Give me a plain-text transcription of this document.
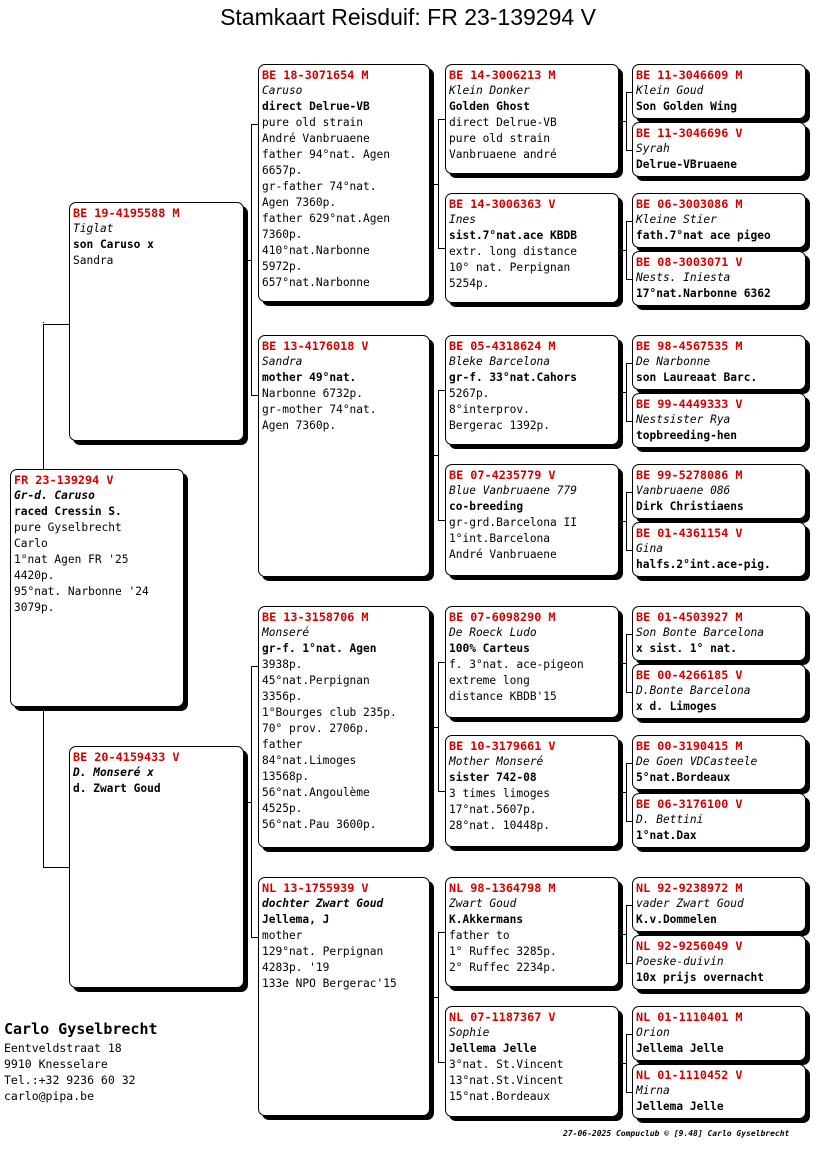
Stamkaart Reisduif: FR 23-139294 V
FR 23-139294 V
Gr-d. Caruso
raced Cressin S.
pure Gyselbrecht
Carlo
1°nat Agen FR '25
4420p.
95°nat. Narbonne '24
3079p.
BE 19-4195588 M
Tiglat
son Caruso x
Sandra
BE 20-4159433 V
D. Monseré x
d. Zwart Goud
BE 18-3071654 M
Caruso
direct Delrue-VB
pure old strain
André Vanbruaene
father 94°nat. Agen
6657p.
gr-father 74°nat.
Agen 7360p.
father 629°nat.Agen
7360p.
410°nat.Narbonne
5972p.
657°nat.Narbonne
BE 13-4176018 V
Sandra
mother 49°nat.
Narbonne 6732p.
gr-mother 74°nat.
Agen 7360p.
BE 13-3158706 M
Monseré
gr-f. 1°nat. Agen
3938p.
45°nat.Perpignan
3356p.
1°Bourges club 235p.
70° prov. 2706p.
father
84°nat.Limoges
13568p.
56°nat.Angoulème
4525p.
56°nat.Pau 3600p.
NL 13-1755939 V
dochter Zwart Goud
Jellema, J
mother
129°nat. Perpignan
4283p. '19
133e NPO Bergerac'15
BE 14-3006213 M
Klein Donker
Golden Ghost
direct Delrue-VB
pure old strain
Vanbruaene andré
BE 14-3006363 V
Ines
sist.7°nat.ace KBDB
extr. long distance
10° nat. Perpignan
5254p.
BE 05-4318624 M
Bleke Barcelona
gr-f. 33°nat.Cahors
5267p.
8°interprov.
Bergerac 1392p.
BE 07-4235779 V
Blue Vanbruaene 779
co-breeding
gr-grd.Barcelona II
1°int.Barcelona
André Vanbruaene
BE 07-6098290 M
De Roeck Ludo
100% Carteus
f. 3°nat. ace-pigeon
extreme long
distance KBDB'15
BE 10-3179661 V
Mother Monseré
sister 742-08
3 times limoges
17°nat.5607p.
28°nat. 10448p.
NL 98-1364798 M
Zwart Goud
K.Akkermans
father to
1° Ruffec 3285p.
2° Ruffec 2234p.
NL 07-1187367 V
Sophie
Jellema Jelle
3°nat. St.Vincent
13°nat.St.Vincent
15°nat.Bordeaux
BE 11-3046609 M
Klein Goud
Son Golden Wing
BE 11-3046696 V
Syrah
Delrue-VBruaene
BE 06-3003086 M
Kleine Stier
fath.7°nat ace pigeo
BE 08-3003071 V
Nests. Iniesta
17°nat.Narbonne 6362
BE 98-4567535 M
De Narbonne
son Laureaat Barc.
BE 99-4449333 V
Nestsister Rya
topbreeding-hen
BE 99-5278086 M
Vanbruaene 086
Dirk Christiaens
BE 01-4361154 V
Gina
halfs.2°int.ace-pig.
BE 01-4503927 M
Son Bonte Barcelona
x sist. 1° nat.
BE 00-4266185 V
D.Bonte Barcelona
x d. Limoges
BE 00-3190415 M
De Goen VDCasteele
5°nat.Bordeaux
BE 06-3176100 V
D. Bettini
1°nat.Dax
NL 92-9238972 M
vader Zwart Goud
K.v.Dommelen
NL 92-9256049 V
Poeske-duivin
10x prijs overnacht
NL 01-1110401 M
Orion
Jellema Jelle
NL 01-1110452 V
Mirna
Jellema Jelle
Carlo Gyselbrecht
Eentveldstraat 18
9910 Knesselare
Tel.:+32 9236 60 32
carlo@pipa.be
27-06-2025 Compuclub © [9.48] Carlo Gyselbrecht
